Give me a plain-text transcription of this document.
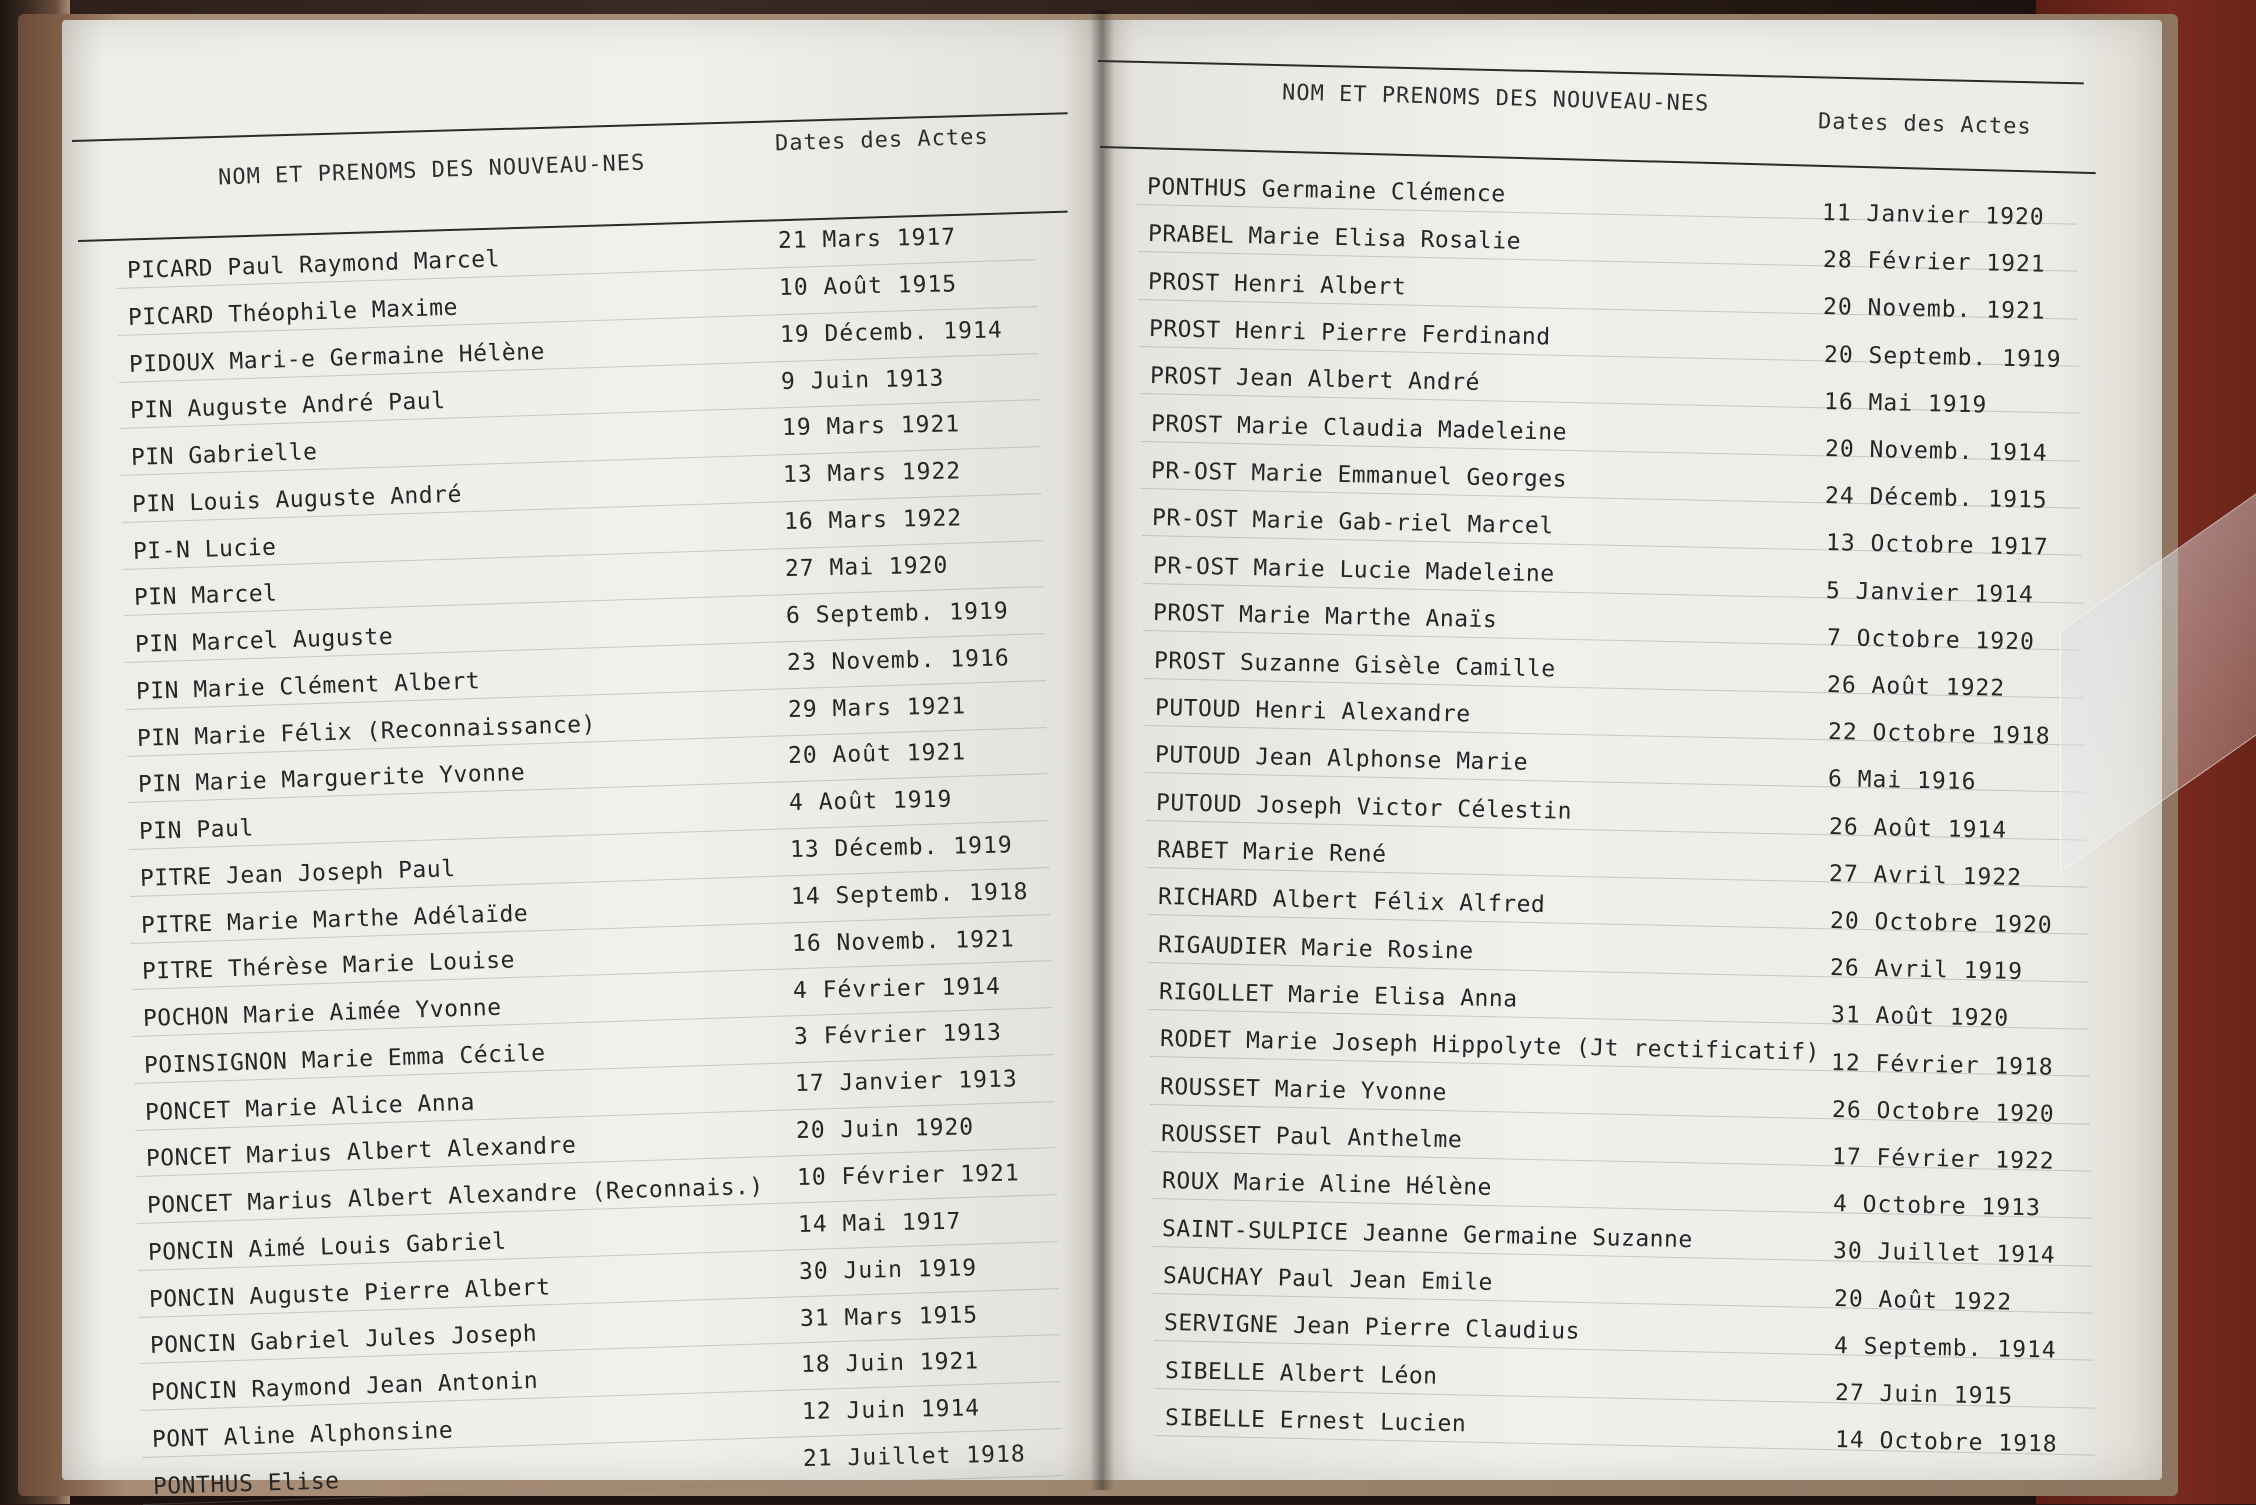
NOM ET PRENOMS DES NOUVEAU-NES
Dates des Actes
NOM ET PRENOMS DES NOUVEAU-NES
Dates des Actes
PICARD Paul Raymond Marcel
21 Mars 1917
PICARD Théophile Maxime
10 Août 1915
PIDOUX Mari-e Germaine Hélène
19 Décemb. 1914
PIN Auguste André Paul
9 Juin 1913
PIN Gabrielle
19 Mars 1921
PIN Louis Auguste André
13 Mars 1922
PI-N Lucie
16 Mars 1922
PIN Marcel
27 Mai 1920
PIN Marcel Auguste
6 Septemb. 1919
PIN Marie Clément Albert
23 Novemb. 1916
PIN Marie Félix (Reconnaissance)
29 Mars 1921
PIN Marie Marguerite Yvonne
20 Août 1921
PIN Paul
4 Août 1919
PITRE Jean Joseph Paul
13 Décemb. 1919
PITRE Marie Marthe Adélaïde
14 Septemb. 1918
PITRE Thérèse Marie Louise
16 Novemb. 1921
POCHON Marie Aimée Yvonne
4 Février 1914
POINSIGNON Marie Emma Cécile
3 Février 1913
PONCET Marie Alice Anna
17 Janvier 1913
PONCET Marius Albert Alexandre
20 Juin 1920
PONCET Marius Albert Alexandre (Reconnais.) 10 Février 1921
PONCIN Aimé Louis Gabriel
14 Mai 1917
PONCIN Auguste Pierre Albert
30 Juin 1919
PONCIN Gabriel Jules Joseph
31 Mars 1915
PONCIN Raymond Jean Antonin
18 Juin 1921
PONT Aline Alphonsine
12 Juin 1914
PONTHUS Elise
21 Juillet 1918
PONTHUS Germaine Clémence
11 Janvier 1920
PRABEL Marie Elisa Rosalie
28 Février 1921
PROST Henri Albert
20 Novemb. 1921
PROST Henri Pierre Ferdinand
20 Septemb. 1919
PROST Jean Albert André
16 Mai 1919
PROST Marie Claudia Madeleine
20 Novemb. 1914
PR-OST Marie Emmanuel Georges
24 Décemb. 1915
PR-OST Marie Gab-riel Marcel
13 Octobre 1917
PR-OST Marie Lucie Madeleine
5 Janvier 1914
PROST Marie Marthe Anaïs
7 Octobre 1920
PROST Suzanne Gisèle Camille
26 Août 1922
PUTOUD Henri Alexandre
22 Octobre 1918
PUTOUD Jean Alphonse Marie
6 Mai 1916
PUTOUD Joseph Victor Célestin
26 Août 1914
RABET Marie René
27 Avril 1922
RICHARD Albert Félix Alfred
20 Octobre 1920
RIGAUDIER Marie Rosine
26 Avril 1919
RIGOLLET Marie Elisa Anna
31 Août 1920
RODET Marie Joseph Hippolyte (Jt rectificatif) 12 Février 1918
ROUSSET Marie Yvonne
26 Octobre 1920
ROUSSET Paul Anthelme
17 Février 1922
ROUX Marie Aline Hélène
4 Octobre 1913
SAINT-SULPICE Jeanne Germaine Suzanne
30 Juillet 1914
SAUCHAY Paul Jean Emile
20 Août 1922
SERVIGNE Jean Pierre Claudius
4 Septemb. 1914
SIBELLE Albert Léon
27 Juin 1915
SIBELLE Ernest Lucien
14 Octobre 1918
